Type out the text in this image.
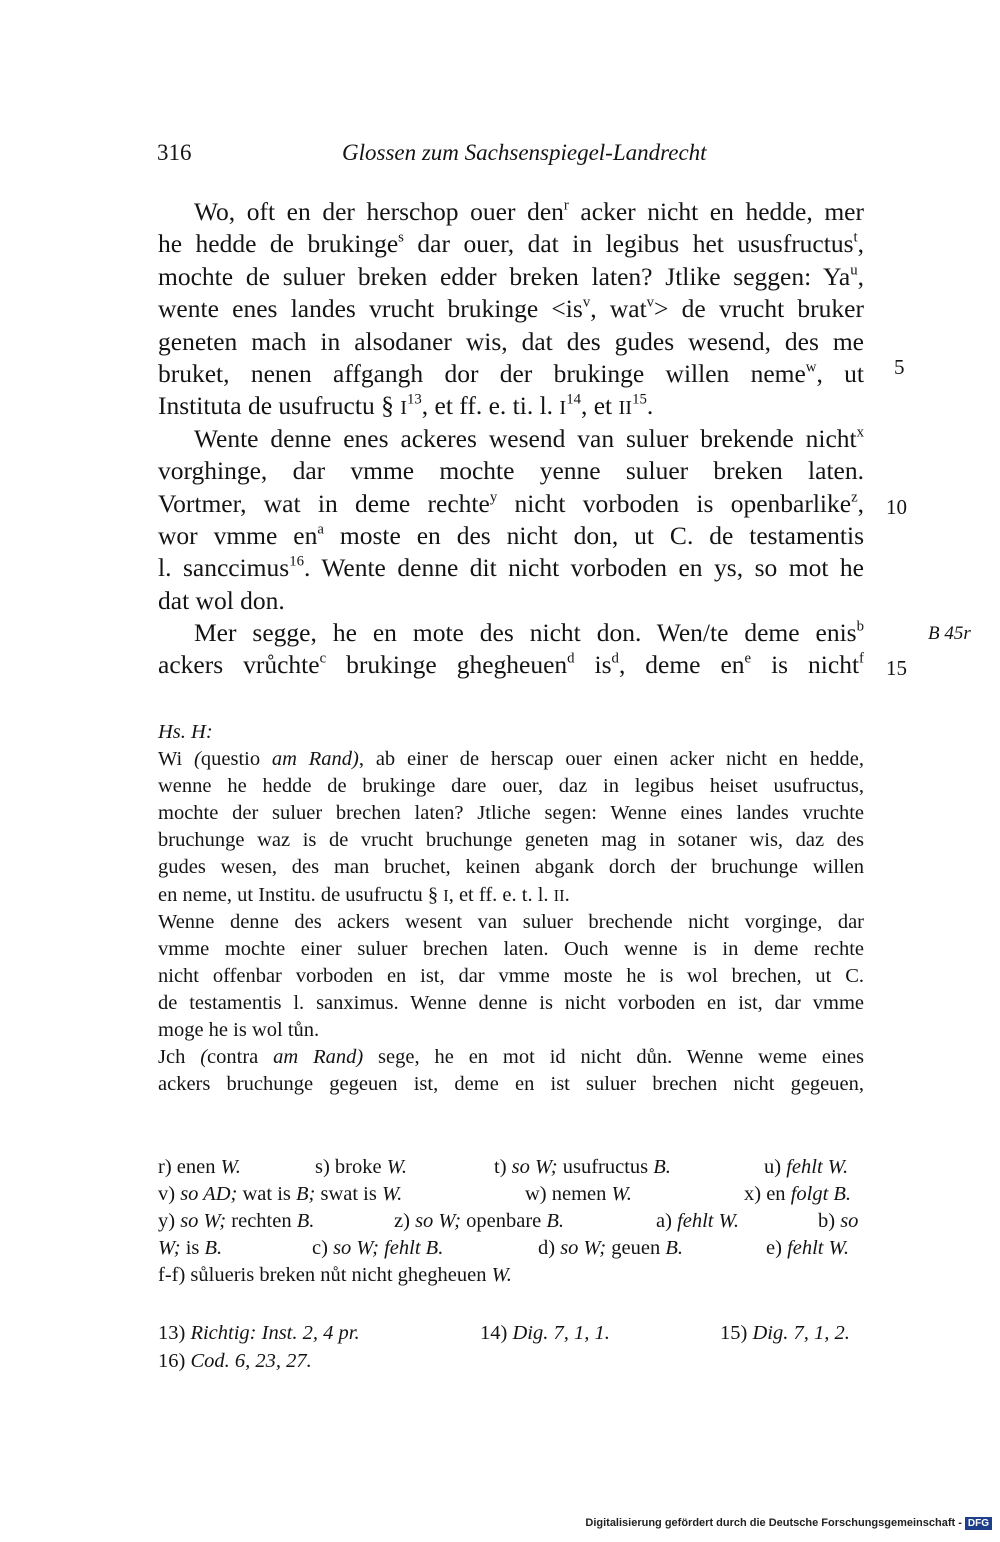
316	Glossen zum Sachsenspiegel-Landrecht
Wo, oft en der herschop ouer den$^r$ acker nicht en hedde, mer
he hedde de brukinge$^s$ dar ouer, dat in legibus het ususfructus$^t$,
mochte de suluer breken edder breken laten? Jtlike seggen: Ya$^u$,
wente enes landes vrucht brukinge $<is^v$, wat$^v$> de vrucht bruker
geneten mach in alsodaner wis, dat des gudes wesend, des me
bruket, nenen affgangh dor der brukinge willen neme$^w$, ut
Instituta de usufructu § $I^{13}$, et ff. e. ti. l. $I^{14}$, et II$^{15}$.
Wente denne enes ackeres wesend van suluer brekende nicht$^x$
vorghinge, dar vmme mochte yenne suluer breken laten.
Vortmer, wat in deme rechte$^y$ nicht vorboden is openbarlike$^z$,
wor vmme $en^a$ moste en des nicht don, ut C. de testamentis
l. sanccimus$^{16}$. Wente denne dit nicht vorboden en ys, so mot he
dat wol don.
Mer segge, he en mote des nicht don. Wen/te deme enis$^b$
ackers vrůchte$^c$ brukinge ghegheuen$^d$ $is^d$, deme $en^e$ is nicht$^f$
5
10
15
B 45r
Hs. H:
Wi (questio am Rand), ab einer de herscap ouer einen acker nicht en hedde,
wenne he hedde de brukinge dare ouer, daz in legibus heiset usufructus,
mochte der suluer brechen laten? Jtliche segen: Wenne eines landes vruchte
bruchunge waz is de vrucht bruchunge geneten mag in sotaner wis, daz des
gudes wesen, des man bruchet, keinen abgank dorch der bruchunge willen
en neme, ut Institu. de usufructu § I, et ff. e. t. l. II.
Wenne denne des ackers wesent van suluer brechende nicht vorginge, dar
vmme mochte einer suluer brechen laten. Ouch wenne is in deme rechte
nicht offenbar vorboden en ist, dar vmme moste he is wol brechen, ut C.
de testamentis l. sanximus. Wenne denne is nicht vorboden en ist, dar vmme
moge he is wol tůn.
Jch (contra am Rand) sege, he en mot id nicht důn. Wenne weme eines
ackers bruchunge gegeuen ist, deme en ist suluer brechen nicht gegeuen,
r) enen W.	s) broke W.	t) so W; usufructus B.	u) fehlt W.
v) so AD; wat is B; swat is W.	w) nemen W.	x) en folgt B.
y) so W; rechten B.	z) so W; openbare B.	a) fehlt W.	b) so
W; is B.	c) so W; fehlt B.	d) so W; geuen B.	e) fehlt W.
f-f) sůlueris breken nůt nicht ghegheuen W.
13) Richtig: Inst. 2, 4 pr.	14) Dig. 7, 1, 1.	15) Dig. 7, 1, 2.
16) Cod. 6, 23, 27.
Digitalisierung gefördert durch die Deutsche Forschungsgemeinschaft - DFG
